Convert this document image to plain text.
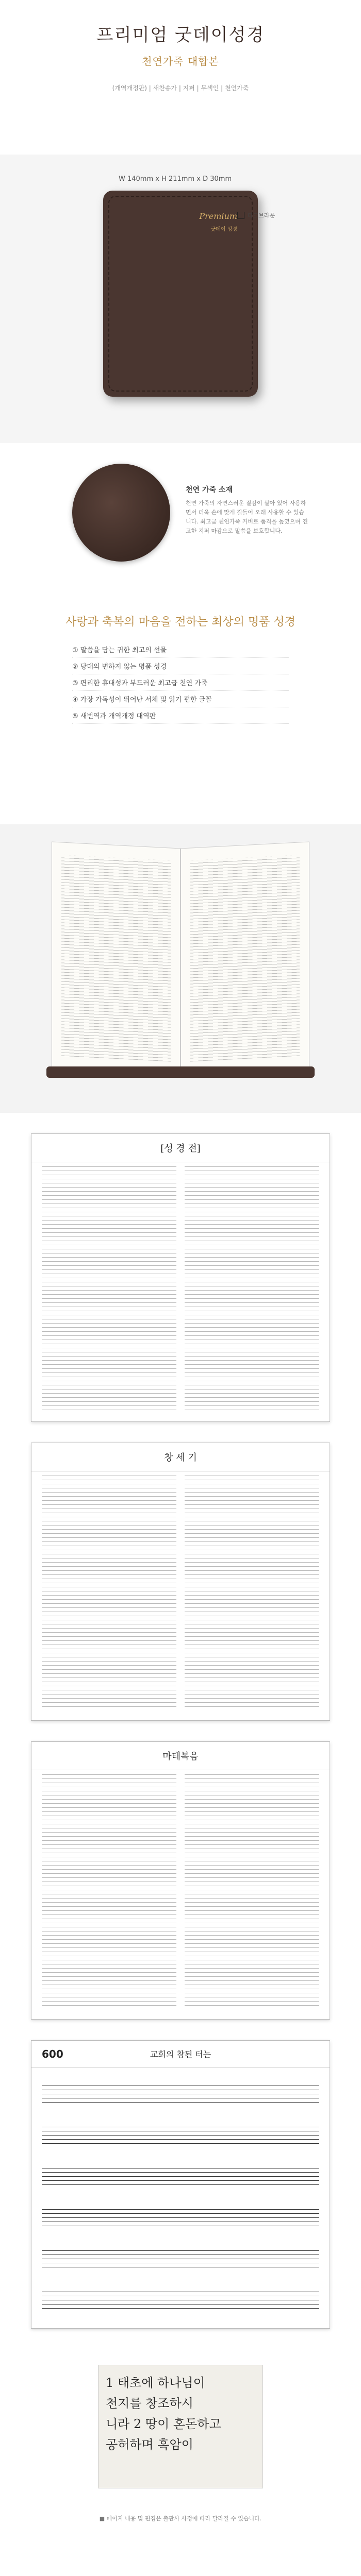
프리미엄 굿데이성경
천연가죽 대합본
(개역개정판) | 새찬송가 | 지퍼 | 무색인 | 천연가죽
W 140mm x H 211mm x D 30mm
Premium
굿데이 성경
다크브라운
천연 가죽 소재
천연 가죽의 자연스러운 질감이 살아 있어 사용하면서 더욱 손에 맞게 길들어 오래 사용할 수 있습니다. 최고급 천연가죽 커버로 품격을 높였으며 견고한 지퍼 마감으로 말씀을 보호합니다.
사랑과 축복의 마음을 전하는 최상의 명품 성경
① 말씀을 담는 귀한 최고의 선물
② 당대의 변하지 않는 명품 성경
③ 편리한 휴대성과 부드러운 최고급 천연 가죽
④ 가장 가독성이 뛰어난 서체 및 읽기 편한 글꼴
⑤ 새번역과 개역개정 대역판
[성 경 전]
창 세 기
마태복음
600	교회의 참된 터는
1 태초에 하나님이
천지를 창조하시
니라 2 땅이 혼돈하고
공허하며 흑암이
■ 페이지 내용 및 편집은 출판사 사정에 따라 달라질 수 있습니다.
